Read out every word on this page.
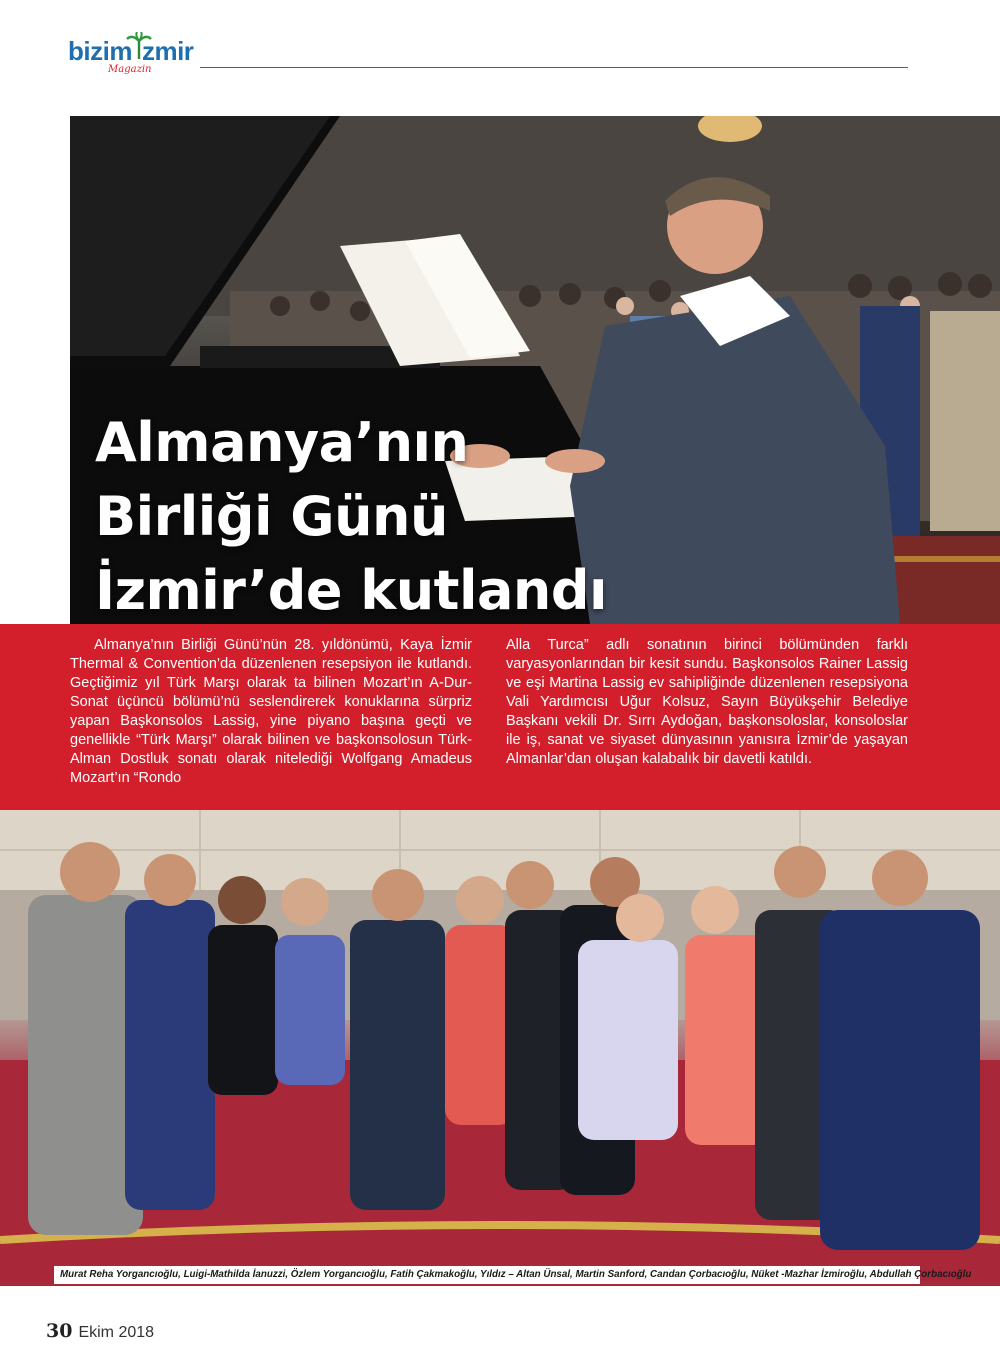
bizim zmir
Magazin
Almanya’nın
Birliği Günü
İzmir’de kutlandı

Almanya’nın Birliği Günü’nün 28. yıldönümü, Kaya İzmir Thermal & Convention’da düzenlenen resepsiyon ile kutlandı. Geçtiğimiz yıl Türk Marşı olarak ta bilinen Mozart’ın A-Dur-Sonat üçüncü bölümü’nü seslendirerek konuklarına sürpriz yapan Başkonsolos Lassig, yine piyano başına geçti ve genellikle “Türk Marşı” olarak bilinen ve başkonsolosun Türk-Alman Dostluk sonatı olarak nitelediği Wolfgang Amadeus Mozart’ın “Rondo

Alla Turca” adlı sonatının birinci bölümünden farklı varyasyonlarından bir kesit sundu. Başkonsolos Rainer Lassig ve eşi Martina Lassig ev sahipliğinde düzenlenen resepsiyona Vali Yardımcısı Uğur Kolsuz, Sayın Büyükşehir Belediye Başkanı vekili Dr. Sırrı Aydoğan, başkonsoloslar, konsoloslar ile iş, sanat ve siyaset dünyasının yanısıra İzmir’de yaşayan Almanlar’dan oluşan kalabalık bir davetli katıldı.

Murat Reha Yorgancıoğlu, Luigi-Mathilda İanuzzi, Özlem Yorgancıoğlu, Fatih Çakmakoğlu, Yıldız – Altan Ünsal, Martin Sanford, Candan Çorbacıoğlu, Nüket -Mazhar İzmiroğlu, Abdullah Çorbacıoğlu
30 Ekim 2018
